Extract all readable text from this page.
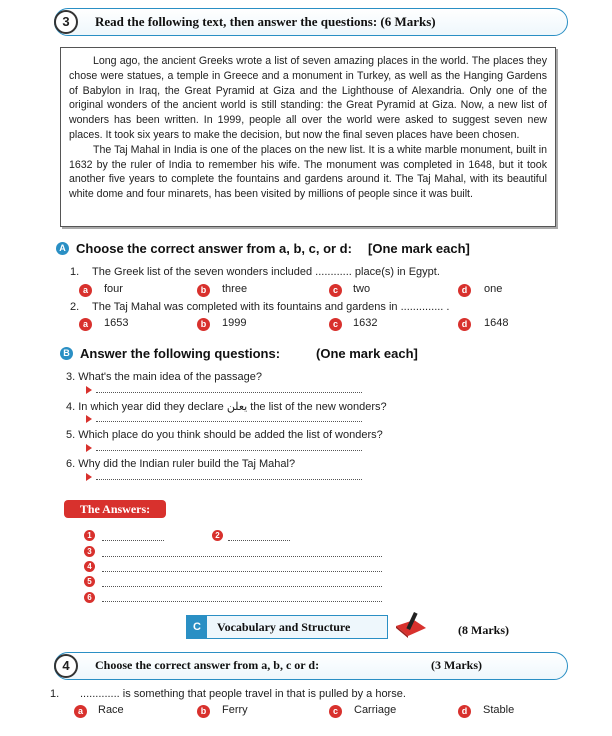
3	Read the following text, then answer the questions: (6 Marks)

Long ago, the ancient Greeks wrote a list of seven amazing places in the world. The places they chose were statues, a temple in Greece and a monument in Turkey, as well as the Hanging Gardens of Babylon in Iraq, the Great Pyramid at Giza and the Lighthouse of Alexandria. Only one of the original wonders of the ancient world is still standing: the Great Pyramid at Giza. Now, a new list of wonders has been written. In 1999, people all over the world were asked to suggest seven new places. It took six years to make the decision, but now the final seven places have been chosen.

The Taj Mahal in India is one of the places on the new list. It is a white marble monument, built in 1632 by the ruler of India to remember his wife. The monument was completed in 1648, but it took another five years to complete the fountains and gardens around it. The Taj Mahal, with its beautiful white dome and four minarets, has been visited by millions of people since it was built.

A Choose the correct answer from a, b, c, or d: [One mark each]
1. The Greek list of the seven wonders included ............ place(s) in Egypt.
a	four	b	three	c	two	d	one
2. The Taj Mahal was completed with its fountains and gardens in .............. .
a	1653	b	1999	c	1632	d	1648
B Answer the following questions:	(One mark each]
3. What's the main idea of the passage?
4. In which year did they declare يعلن the list of the new wonders?
5. Which place do you think should be added the list of wonders?
6. Why did the Indian ruler build the Taj Mahal?
The Answers:
1	2
3
4
5
6
C	Vocabulary and Structure	(8 Marks)
4	Choose the correct answer from a, b, c or d:	(3 Marks)
1. ............. is something that people travel in that is pulled by a horse.
a	Race	b	Ferry	c	Carriage	d	Stable
